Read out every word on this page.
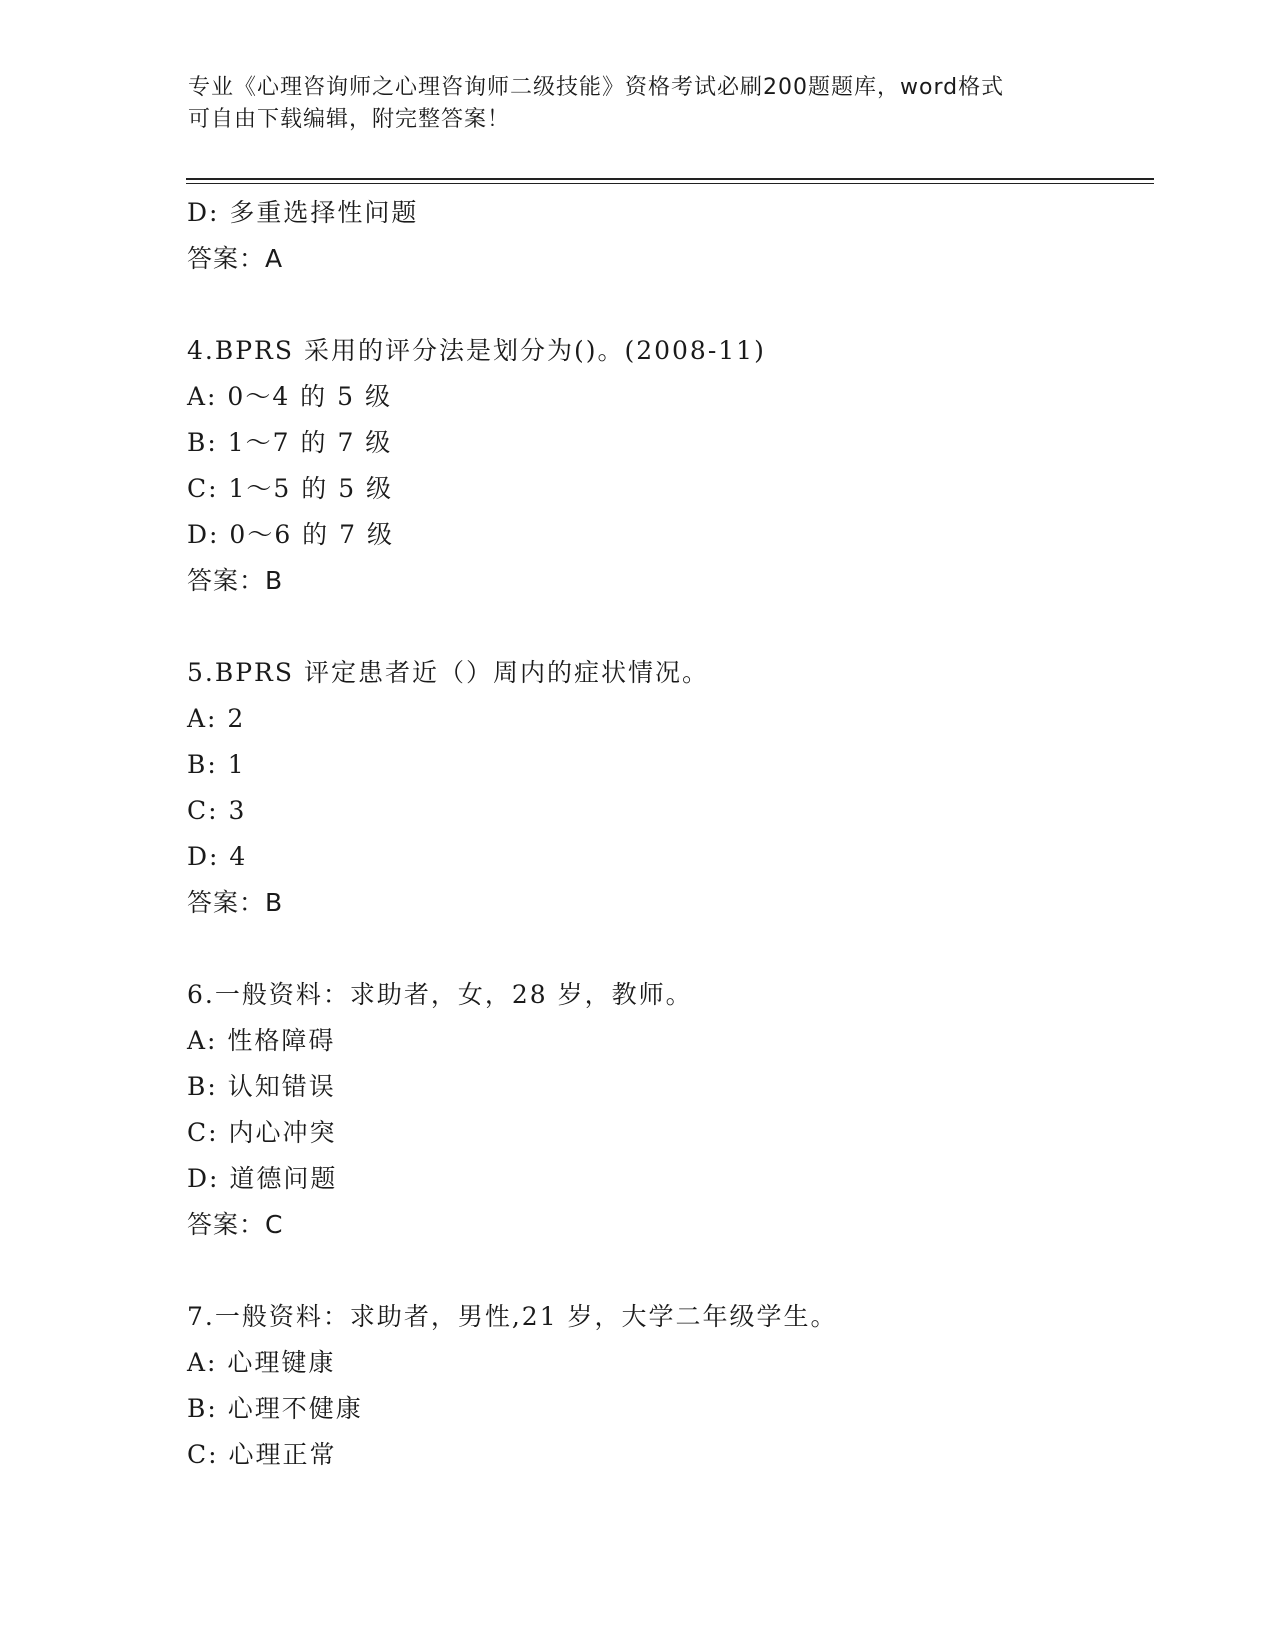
专业《心理咨询师之心理咨询师二级技能》资格考试必刷200题题库，word格式
可自由下载编辑，附完整答案！
D: 多重选择性问题
答案：A
4.BPRS 采用的评分法是划分为()。(2008-11)
A: 0～4 的 5 级
B: 1～7 的 7 级
C: 1～5 的 5 级
D: 0～6 的 7 级
答案：B
5.BPRS 评定患者近（）周内的症状情况。
A: 2
B: 1
C: 3
D: 4
答案：B
6.一般资料：求助者，女，28 岁，教师。
A: 性格障碍
B: 认知错误
C: 内心冲突
D: 道德问题
答案：C
7.一般资料：求助者，男性,21 岁，大学二年级学生。
A: 心理键康
B: 心理不健康
C: 心理正常
